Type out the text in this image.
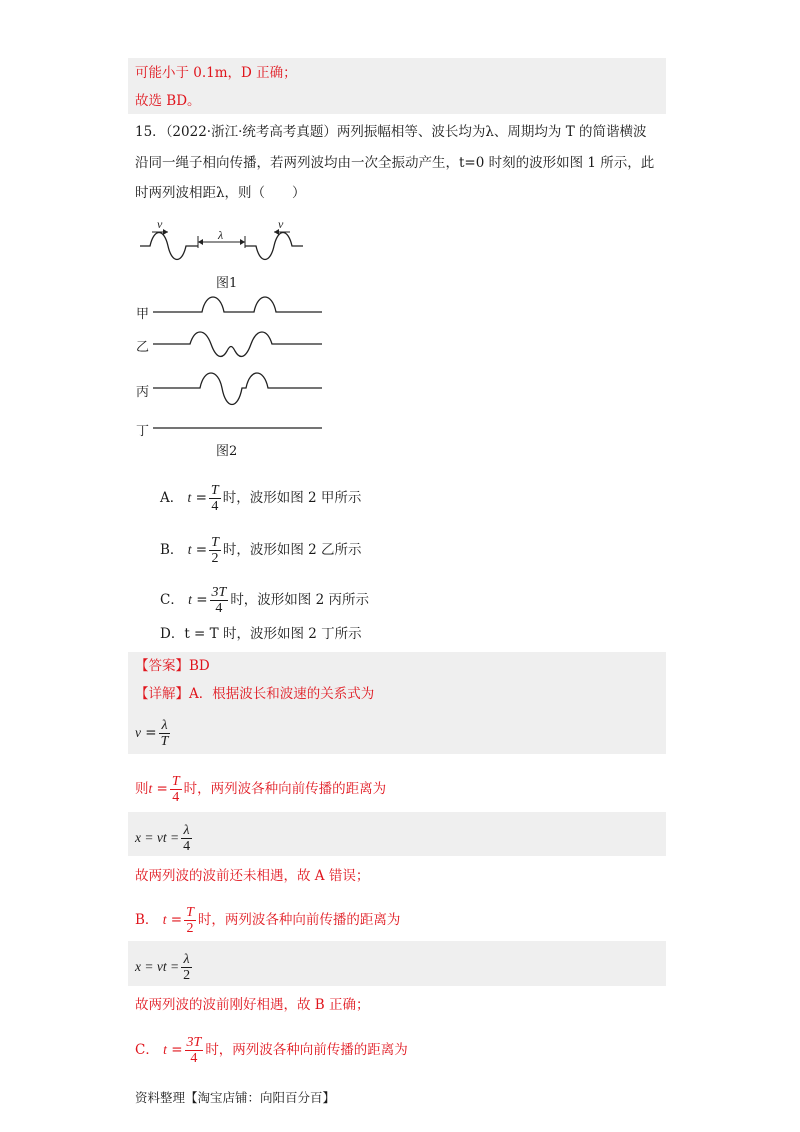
可能小于 0.1m，D 正确；
故选 BD。
15．（2022·浙江·统考高考真题）两列振幅相等、波长均为λ、周期均为 T 的简谐横波
沿同一绳子相向传播，若两列波均由一次全振动产生，t=0 时刻的波形如图 1 所示，此
时两列波相距λ，则（　　）
v	v
λ
图1
甲
乙
丙
丁
图2
A． $t = \frac{T}{4}$ 时，波形如图 2 甲所示
B． $t = \frac{T}{2}$ 时，波形如图 2 乙所示
C． $t = \frac{3T}{4}$ 时，波形如图 2 丙所示
D．t = T 时，波形如图 2 丁所示
【答案】BD
【详解】A．根据波长和波速的关系式为
$v = \frac{\lambda}{T}$
则$t = \frac{T}{4}$ 时，两列波各种向前传播的距离为
x = vt = $\frac{\lambda}{4}$
故两列波的波前还未相遇，故 A 错误；
B． $t = \frac{T}{2}$ 时，两列波各种向前传播的距离为
x = vt = $\frac{\lambda}{2}$
故两列波的波前刚好相遇，故 B 正确；
C． $t = \frac{3T}{4}$ 时，两列波各种向前传播的距离为
资料整理【淘宝店铺：向阳百分百】
